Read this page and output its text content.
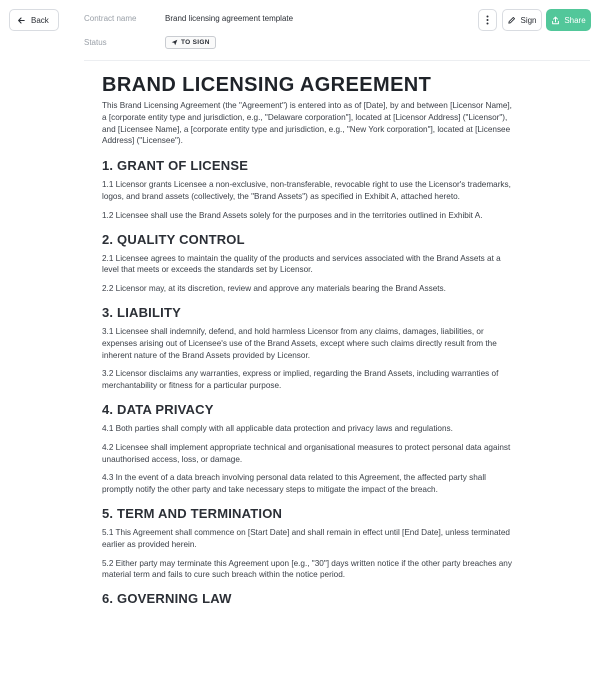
Back	Contract name	Brand licensing agreement template
Status	TO SIGN
Sign	Share
BRAND LICENSING AGREEMENT

This Brand Licensing Agreement (the "Agreement") is entered into as of [Date], by and between [Licensor Name], a [corporate entity type and jurisdiction, e.g., "Delaware corporation"], located at [Licensor Address] ("Licensor"), and [Licensee Name], a [corporate entity type and jurisdiction, e.g., "New York corporation"], located at [Licensee Address] ("Licensee").

1. GRANT OF LICENSE

1.1 Licensor grants Licensee a non-exclusive, non-transferable, revocable right to use the Licensor's trademarks, logos, and brand assets (collectively, the "Brand Assets") as specified in Exhibit A, attached hereto.

1.2 Licensee shall use the Brand Assets solely for the purposes and in the territories outlined in Exhibit A.

2. QUALITY CONTROL

2.1 Licensee agrees to maintain the quality of the products and services associated with the Brand Assets at a level that meets or exceeds the standards set by Licensor.

2.2 Licensor may, at its discretion, review and approve any materials bearing the Brand Assets.

3. LIABILITY

3.1 Licensee shall indemnify, defend, and hold harmless Licensor from any claims, damages, liabilities, or expenses arising out of Licensee's use of the Brand Assets, except where such claims directly result from the inherent nature of the Brand Assets provided by Licensor.

3.2 Licensor disclaims any warranties, express or implied, regarding the Brand Assets, including warranties of merchantability or fitness for a particular purpose.

4. DATA PRIVACY

4.1 Both parties shall comply with all applicable data protection and privacy laws and regulations.

4.2 Licensee shall implement appropriate technical and organisational measures to protect personal data against unauthorised access, loss, or damage.

4.3 In the event of a data breach involving personal data related to this Agreement, the affected party shall promptly notify the other party and take necessary steps to mitigate the impact of the breach.

5. TERM AND TERMINATION

5.1 This Agreement shall commence on [Start Date] and shall remain in effect until [End Date], unless terminated earlier as provided herein.

5.2 Either party may terminate this Agreement upon [e.g., "30"] days written notice if the other party breaches any material term and fails to cure such breach within the notice period.

6. GOVERNING LAW
